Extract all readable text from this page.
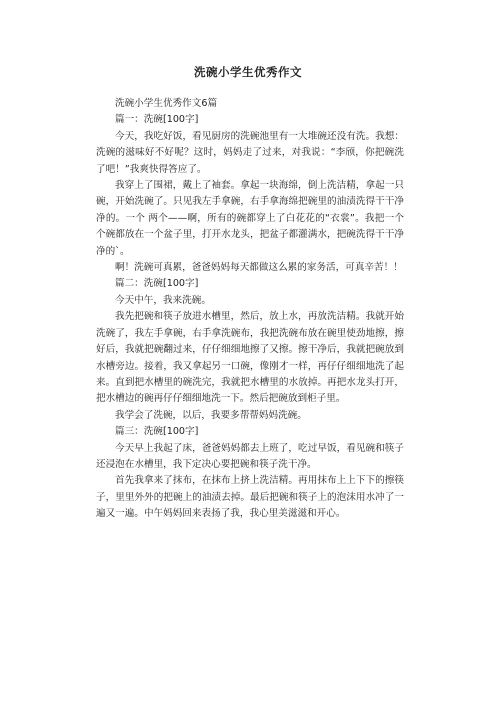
洗碗小学生优秀作文

洗碗小学生优秀作文6篇

篇一：洗碗[100字]

今天，我吃好饭，看见厨房的洗碗池里有一大堆碗还没有洗。我想：洗碗的滋味好不好呢？这时，妈妈走了过来，对我说：“李颀，你把碗洗了吧！”我爽快得答应了。

我穿上了围裙，戴上了袖套。拿起一块海绵，倒上洗洁精，拿起一只碗，开始洗碗了。只见我左手拿碗，右手拿海绵把碗里的油渍洗得干干净净的。一个 两个——啊，所有的碗都穿上了白花花的“衣裳”。我把一个个碗都放在一个盆子里，打开水龙头，把盆子都灌满水，把碗洗得干干净净的`。

啊！洗碗可真累，爸爸妈妈每天都做这么累的家务活，可真辛苦！！

篇二：洗碗[100字]

今天中午，我来洗碗。

我先把碗和筷子放进水槽里，然后，放上水，再放洗洁精。我就开始洗碗了，我左手拿碗，右手拿洗碗布，我把洗碗布放在碗里使劲地擦，擦好后，我就把碗翻过来，仔仔细细地擦了又擦。擦干净后，我就把碗放到水槽旁边。接着，我又拿起另一口碗，像刚才一样，再仔仔细细地洗了起来。直到把水槽里的碗洗完，我就把水槽里的水放掉。再把水龙头打开，把水槽边的碗再仔仔细细地洗一下。然后把碗放到柜子里。

我学会了洗碗，以后，我要多帮帮妈妈洗碗。

篇三：洗碗[100字]

今天早上我起了床，爸爸妈妈都去上班了，吃过早饭，看见碗和筷子还浸泡在水槽里，我下定决心要把碗和筷子洗干净。

首先我拿来了抹布，在抹布上挤上洗洁精。再用抹布上上下下的擦筷子，里里外外的把碗上的油渍去掉。最后把碗和筷子上的泡沫用水冲了一遍又一遍。中午妈妈回来表扬了我，我心里美滋滋和开心。
